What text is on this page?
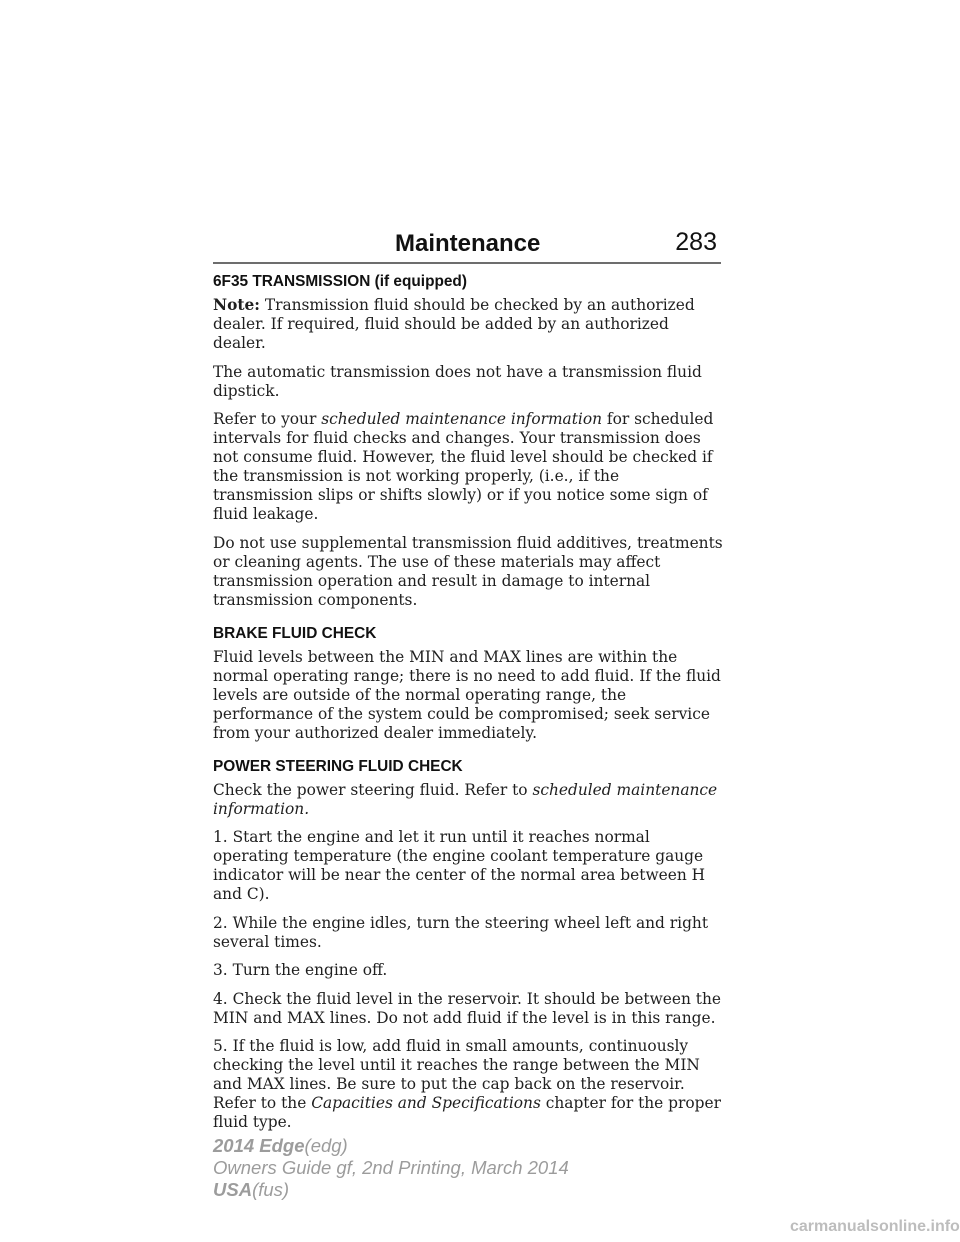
Maintenance	283
6F35 TRANSMISSION (if equipped)

Note: Transmission fluid should be checked by an authorized dealer. If required, fluid should be added by an authorized dealer.

The automatic transmission does not have a transmission fluid dipstick.

Refer to your scheduled maintenance information for scheduled intervals for fluid checks and changes. Your transmission does not consume fluid. However, the fluid level should be checked if the transmission is not working properly, (i.e., if the transmission slips or shifts slowly) or if you notice some sign of fluid leakage.

Do not use supplemental transmission fluid additives, treatments or cleaning agents. The use of these materials may affect transmission operation and result in damage to internal transmission components.

BRAKE FLUID CHECK

Fluid levels between the MIN and MAX lines are within the normal operating range; there is no need to add fluid. If the fluid levels are outside of the normal operating range, the performance of the system could be compromised; seek service from your authorized dealer immediately.

POWER STEERING FLUID CHECK

Check the power steering fluid. Refer to scheduled maintenance information.

1. Start the engine and let it run until it reaches normal operating temperature (the engine coolant temperature gauge indicator will be near the center of the normal area between H and C).

2. While the engine idles, turn the steering wheel left and right several times.

3. Turn the engine off.

4. Check the fluid level in the reservoir. It should be between the MIN and MAX lines. Do not add fluid if the level is in this range.

5. If the fluid is low, add fluid in small amounts, continuously checking the level until it reaches the range between the MIN and MAX lines. Be sure to put the cap back on the reservoir. Refer to the Capacities and Specifications chapter for the proper fluid type.

2014 Edge(edg)
Owners Guide gf, 2nd Printing, March 2014
USA(fus)
carmanualsonline.info
